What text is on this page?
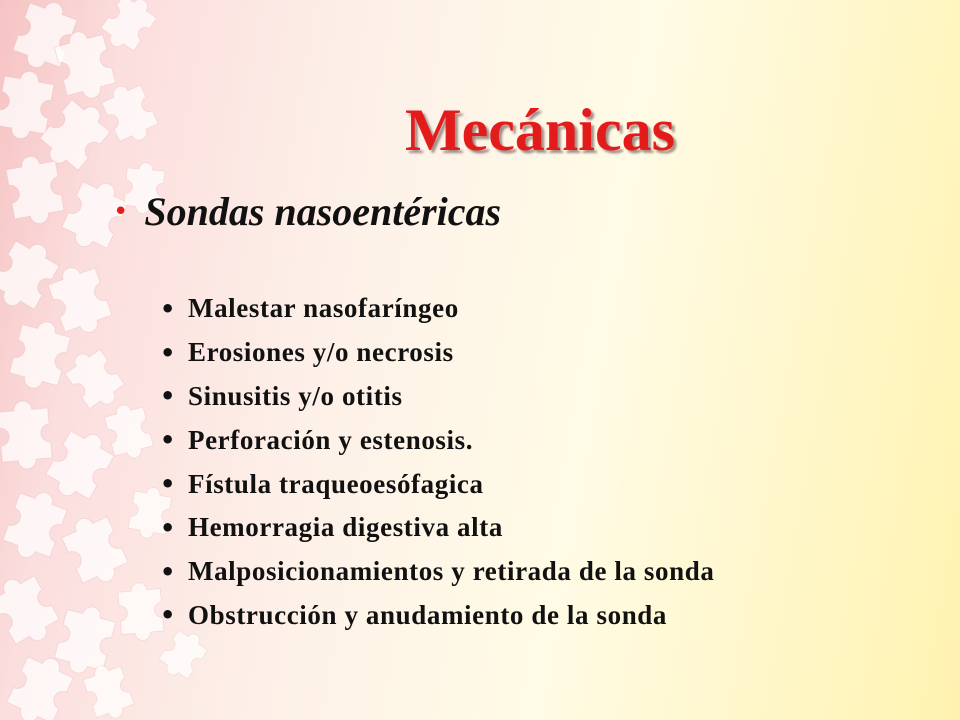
Mecánicas
• Sondas nasoentéricas
• Malestar nasofaríngeo
• Erosiones y/o necrosis
• Sinusitis y/o otitis
• Perforación y estenosis.
• Fístula traqueoesófagica
• Hemorragia digestiva alta
• Malposicionamientos y retirada de la sonda
• Obstrucción y anudamiento de la sonda
